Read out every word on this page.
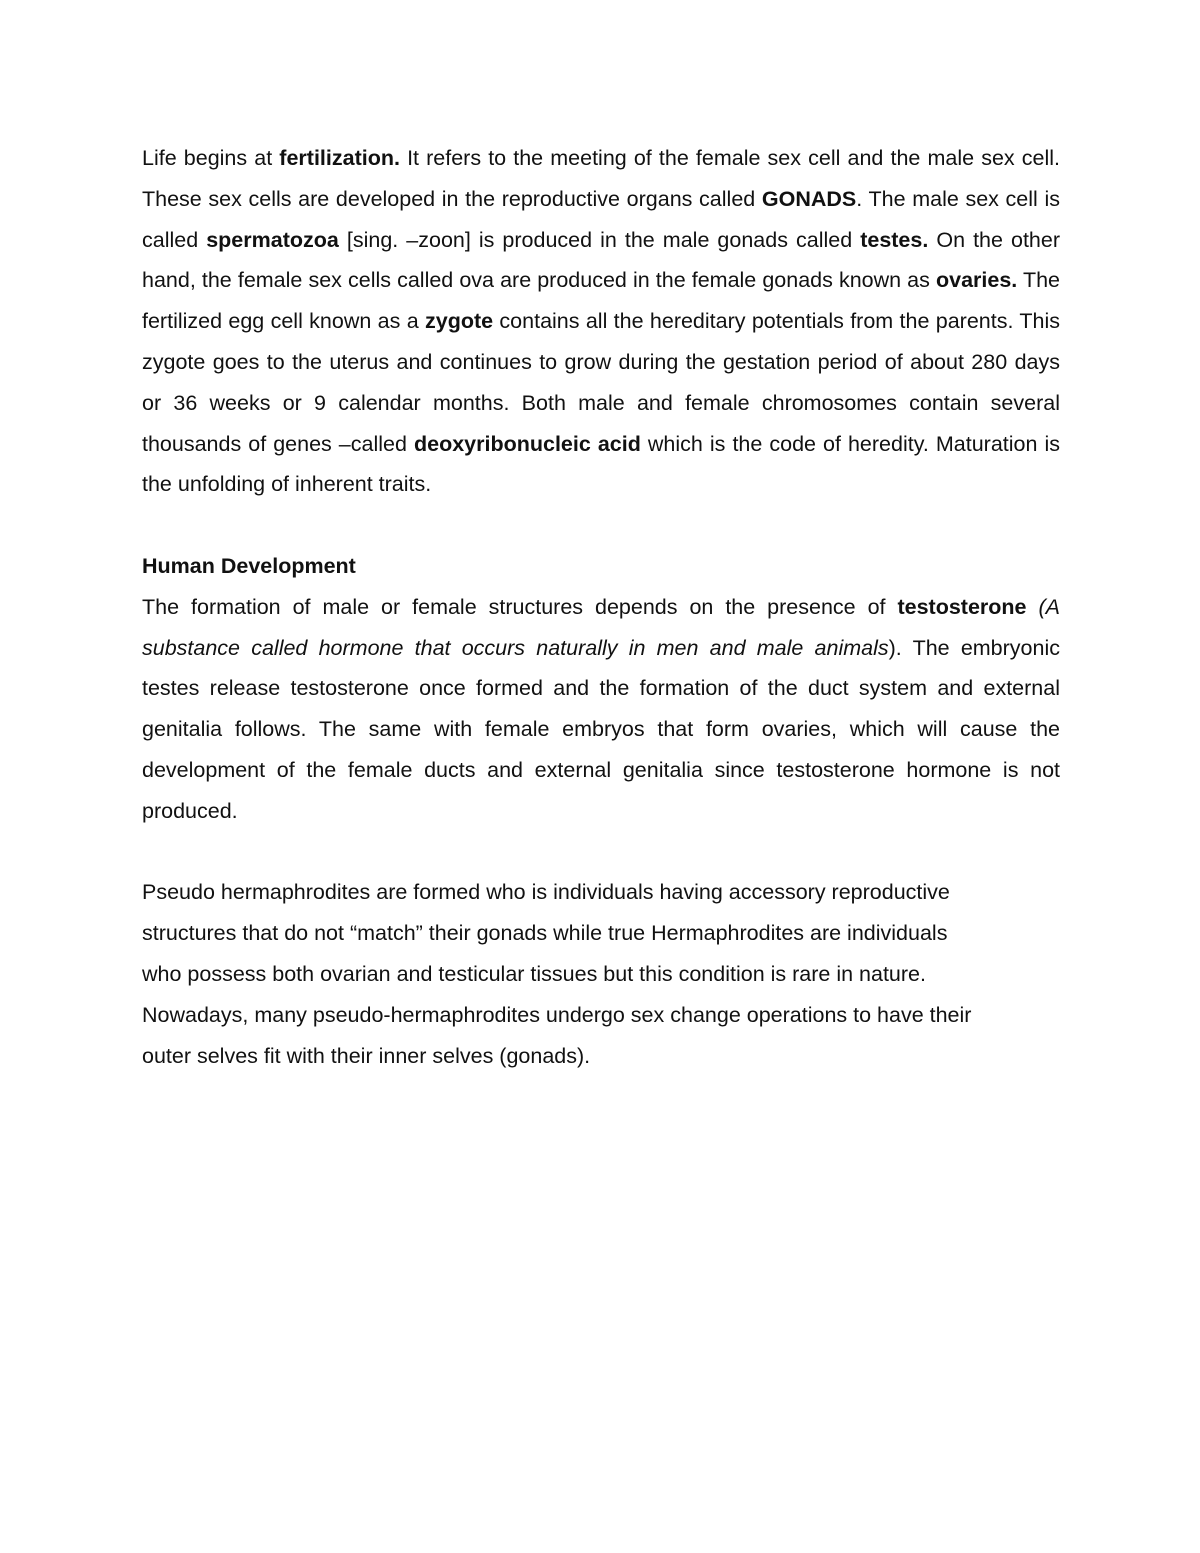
Life begins at fertilization. It refers to the meeting of the female sex cell and the male sex cell. These sex cells are developed in the reproductive organs called GONADS. The male sex cell is called spermatozoa [sing. –zoon] is produced in the male gonads called testes. On the other hand, the female sex cells called ova are produced in the female gonads known as ovaries. The fertilized egg cell known as a zygote contains all the hereditary potentials from the parents. This zygote goes to the uterus and continues to grow during the gestation period of about 280 days or 36 weeks or 9 calendar months. Both male and female chromosomes contain several thousands of genes –called deoxyribonucleic acid which is the code of heredity. Maturation is the unfolding of inherent traits.

Human Development

The formation of male or female structures depends on the presence of testosterone (A substance called hormone that occurs naturally in men and male animals). The embryonic testes release testosterone once formed and the formation of the duct system and external genitalia follows. The same with female embryos that form ovaries, which will cause the development of the female ducts and external genitalia since testosterone hormone is not produced.

Pseudo hermaphrodites are formed who is individuals having accessory reproductive
structures that do not “match” their gonads while true Hermaphrodites are individuals
who possess both ovarian and testicular tissues but this condition is rare in nature.
Nowadays, many pseudo-hermaphrodites undergo sex change operations to have their
outer selves fit with their inner selves (gonads).
